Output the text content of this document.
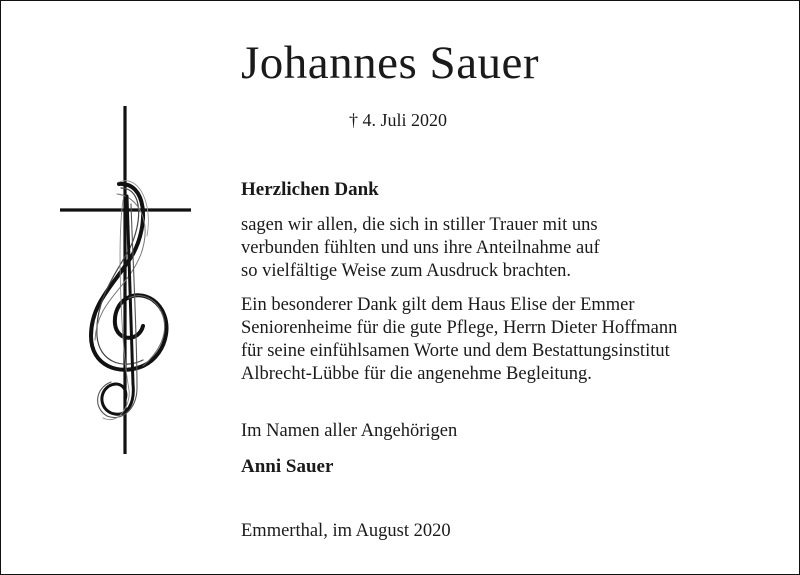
Johannes Sauer
† 4. Juli 2020
Herzlichen Dank

sagen wir allen, die sich in stiller Trauer mit uns
verbunden fühlten und uns ihre Anteilnahme auf
so vielfältige Weise zum Ausdruck brachten.

Ein besonderer Dank gilt dem Haus Elise der Emmer
Seniorenheime für die gute Pflege, Herrn Dieter Hoffmann
für seine einfühlsamen Worte und dem Bestattungsinstitut
Albrecht-Lübbe für die angenehme Begleitung.

Im Namen aller Angehörigen
Anni Sauer
Emmerthal, im August 2020
